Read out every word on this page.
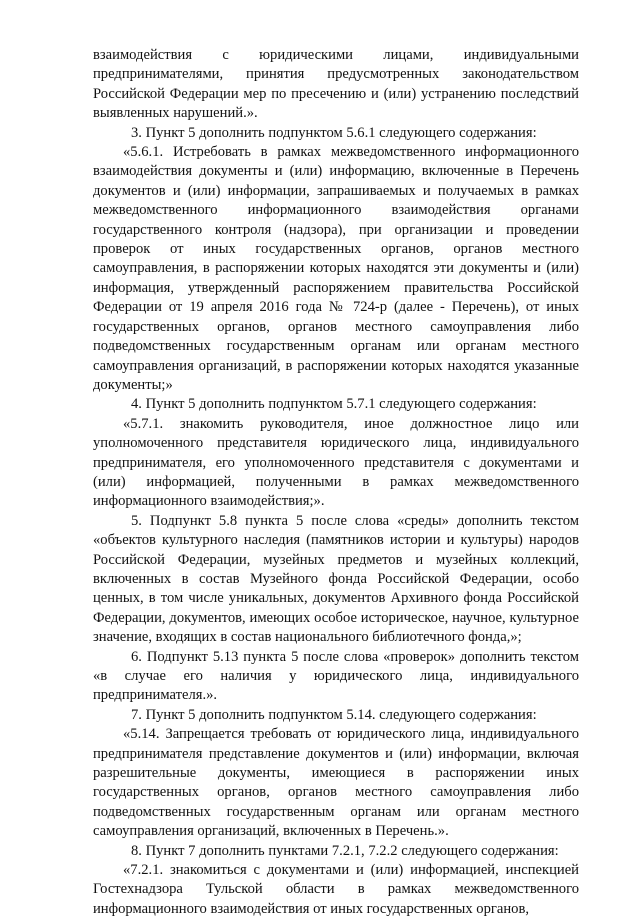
взаимодействия с юридическими лицами, индивидуальными предпринимателями, принятия предусмотренных законодательством Российской Федерации мер по пресечению и (или) устранению последствий выявленных нарушений.».

3. Пункт 5 дополнить подпунктом 5.6.1 следующего содержания:

«5.6.1. Истребовать в рамках межведомственного информационного взаимодействия документы и (или) информацию, включенные в Перечень документов и (или) информации, запрашиваемых и получаемых в рамках межведомственного информационного взаимодействия органами государственного контроля (надзора), при организации и проведении проверок от иных государственных органов, органов местного самоуправления, в распоряжении которых находятся эти документы и (или) информация, утвержденный распоряжением правительства Российской Федерации от 19 апреля 2016 года № 724-р (далее - Перечень), от иных государственных органов, органов местного самоуправления либо подведомственных государственным органам или органам местного самоуправления организаций, в распоряжении которых находятся указанные документы;»

4. Пункт 5 дополнить подпунктом 5.7.1 следующего содержания:

«5.7.1. знакомить руководителя, иное должностное лицо или уполномоченного представителя юридического лица, индивидуального предпринимателя, его уполномоченного представителя с документами и (или) информацией, полученными в рамках межведомственного информационного взаимодействия;».

5. Подпункт 5.8 пункта 5 после слова «среды» дополнить текстом «объектов культурного наследия (памятников истории и культуры) народов Российской Федерации, музейных предметов и музейных коллекций, включенных в состав Музейного фонда Российской Федерации, особо ценных, в том числе уникальных, документов Архивного фонда Российской Федерации, документов, имеющих особое историческое, научное, культурное значение, входящих в состав национального библиотечного фонда,»;

6. Подпункт 5.13 пункта 5 после слова «проверок» дополнить текстом «в случае его наличия у юридического лица, индивидуального предпринимателя.».

7. Пункт 5 дополнить подпунктом 5.14. следующего содержания:

«5.14. Запрещается требовать от юридического лица, индивидуального предпринимателя представление документов и (или) информации, включая разрешительные документы, имеющиеся в распоряжении иных государственных органов, органов местного самоуправления либо подведомственных государственным органам или органам местного самоуправления организаций, включенных в Перечень.».

8. Пункт 7 дополнить пунктами 7.2.1, 7.2.2 следующего содержания:

«7.2.1. знакомиться с документами и (или) информацией, инспекцией Гостехнадзора Тульской области в рамках межведомственного информационного взаимодействия от иных государственных органов,
